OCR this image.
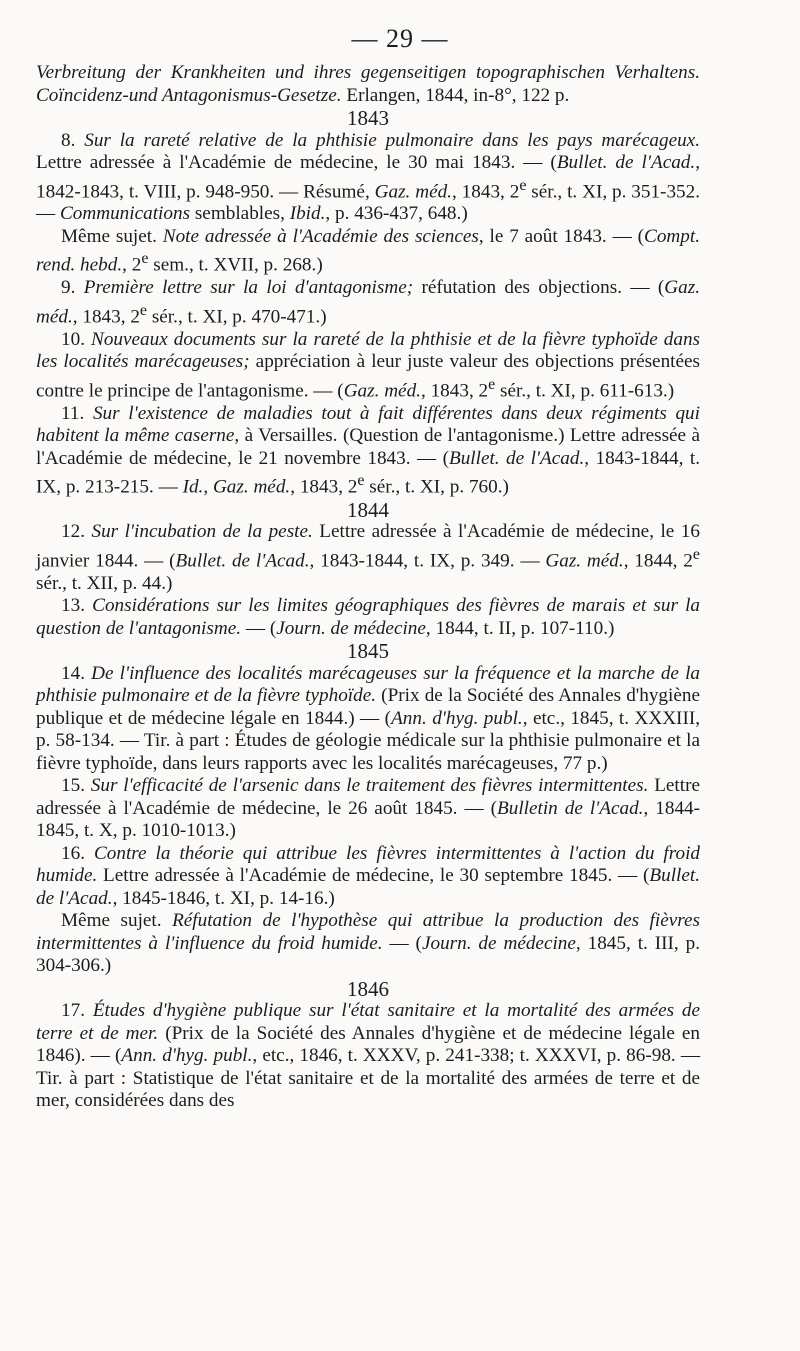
— 29 —

Verbreitung der Krankheiten und ihres gegenseitigen topographischen Verhaltens. Coïncidenz-und Antagonismus-Gesetze. Erlangen, 1844, in-8°, 122 p.

1843

8. Sur la rareté relative de la phthisie pulmonaire dans les pays marécageux. Lettre adressée à l'Académie de médecine, le 30 mai 1843. — (Bullet. de l'Acad., 1842-1843, t. VIII, p. 948-950. — Résumé, Gaz. méd., 1843, 2e sér., t. XI, p. 351-352. — Communications semblables, Ibid., p. 436-437, 648.)

Même sujet. Note adressée à l'Académie des sciences, le 7 août 1843. — (Compt. rend. hebd., 2e sem., t. XVII, p. 268.)

9. Première lettre sur la loi d'antagonisme; réfutation des objections. — (Gaz. méd., 1843, 2e sér., t. XI, p. 470-471.)

10. Nouveaux documents sur la rareté de la phthisie et de la fièvre typhoïde dans les localités marécageuses; appréciation à leur juste valeur des objections présentées contre le principe de l'antagonisme. — (Gaz. méd., 1843, 2e sér., t. XI, p. 611-613.)

11. Sur l'existence de maladies tout à fait différentes dans deux régiments qui habitent la même caserne, à Versailles. (Question de l'antagonisme.) Lettre adressée à l'Académie de médecine, le 21 novembre 1843. — (Bullet. de l'Acad., 1843-1844, t. IX, p. 213-215. — Id., Gaz. méd., 1843, 2e sér., t. XI, p. 760.)

1844

12. Sur l'incubation de la peste. Lettre adressée à l'Académie de médecine, le 16 janvier 1844. — (Bullet. de l'Acad., 1843-1844, t. IX, p. 349. — Gaz. méd., 1844, 2e sér., t. XII, p. 44.)

13. Considérations sur les limites géographiques des fièvres de marais et sur la question de l'antagonisme. — (Journ. de médecine, 1844, t. II, p. 107-110.)

1845

14. De l'influence des localités marécageuses sur la fréquence et la marche de la phthisie pulmonaire et de la fièvre typhoïde. (Prix de la Société des Annales d'hygiène publique et de médecine légale en 1844.) — (Ann. d'hyg. publ., etc., 1845, t. XXXIII, p. 58-134. — Tir. à part : Études de géologie médicale sur la phthisie pulmonaire et la fièvre typhoïde, dans leurs rapports avec les localités marécageuses, 77 p.)

15. Sur l'efficacité de l'arsenic dans le traitement des fièvres intermittentes. Lettre adressée à l'Académie de médecine, le 26 août 1845. — (Bulletin de l'Acad., 1844-1845, t. X, p. 1010-1013.)

16. Contre la théorie qui attribue les fièvres intermittentes à l'action du froid humide. Lettre adressée à l'Académie de médecine, le 30 septembre 1845. — (Bullet. de l'Acad., 1845-1846, t. XI, p. 14-16.)

Même sujet. Réfutation de l'hypothèse qui attribue la production des fièvres intermittentes à l'influence du froid humide. — (Journ. de médecine, 1845, t. III, p. 304-306.)

1846

17. Études d'hygiène publique sur l'état sanitaire et la mortalité des armées de terre et de mer. (Prix de la Société des Annales d'hygiène et de médecine légale en 1846). — (Ann. d'hyg. publ., etc., 1846, t. XXXV, p. 241-338; t. XXXVI, p. 86-98. — Tir. à part : Statistique de l'état sanitaire et de la mortalité des armées de terre et de mer, considérées dans des
